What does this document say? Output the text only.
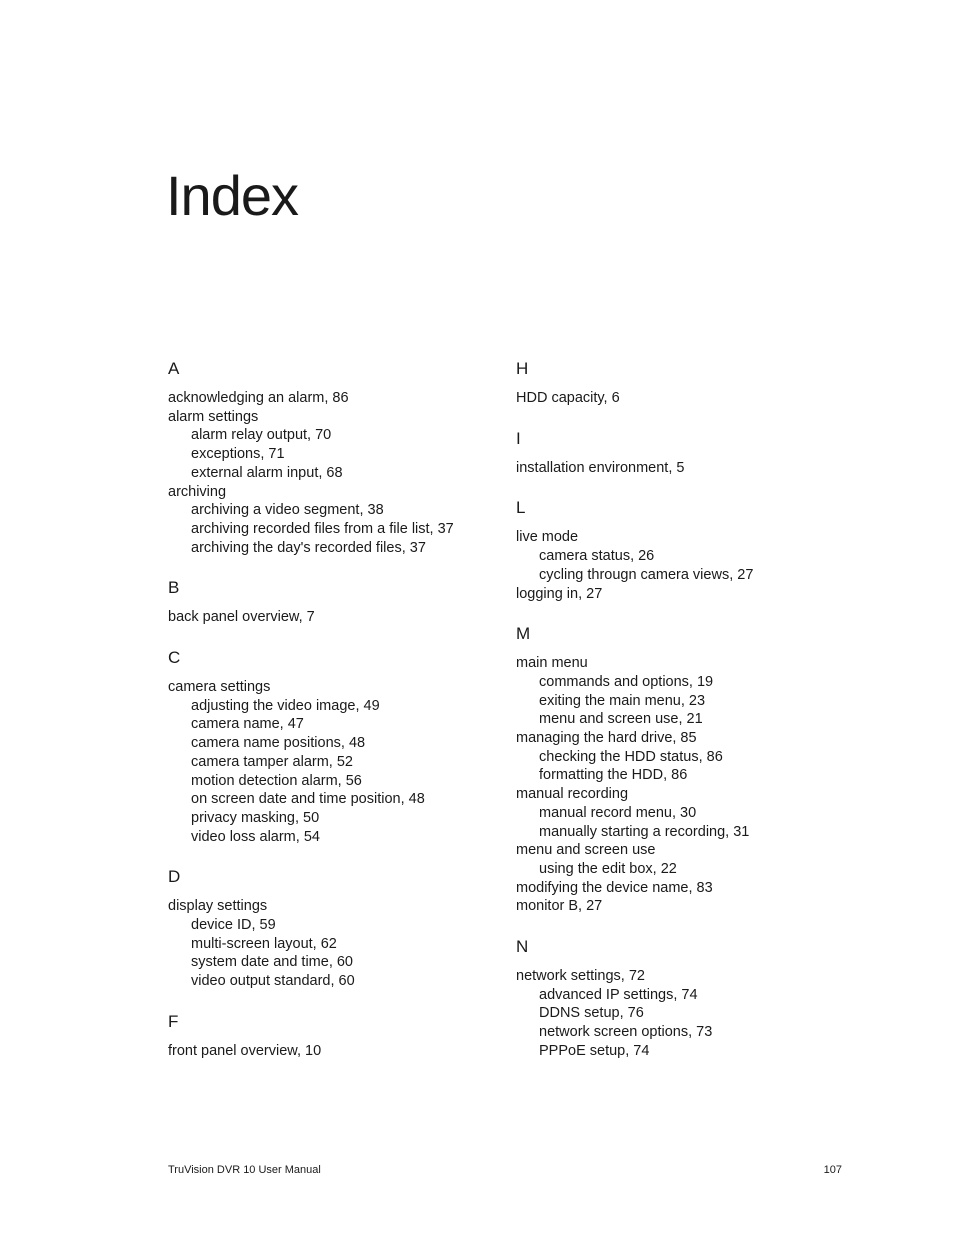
Index
A
acknowledging an alarm, 86
alarm settings
alarm relay output, 70
exceptions, 71
external alarm input, 68
archiving
archiving a video segment, 38
archiving recorded files from a file list, 37
archiving the day's recorded files, 37
B
back panel overview, 7
C
camera settings
adjusting the video image, 49
camera name, 47
camera name positions, 48
camera tamper alarm, 52
motion detection alarm, 56
on screen date and time position, 48
privacy masking, 50
video loss alarm, 54
D
display settings
device ID, 59
multi-screen layout, 62
system date and time, 60
video output standard, 60
F
front panel overview, 10
H
HDD capacity, 6
I
installation environment, 5
L
live mode
camera status, 26
cycling througn camera views, 27
logging in, 27
M
main menu
commands and options, 19
exiting the main menu, 23
menu and screen use, 21
managing the hard drive, 85
checking the HDD status, 86
formatting the HDD, 86
manual recording
manual record menu, 30
manually starting a recording, 31
menu and screen use
using the edit box, 22
modifying the device name, 83
monitor B, 27
N
network settings, 72
advanced IP settings, 74
DDNS setup, 76
network screen options, 73
PPPoE setup, 74
TruVision DVR 10 User Manual	107
